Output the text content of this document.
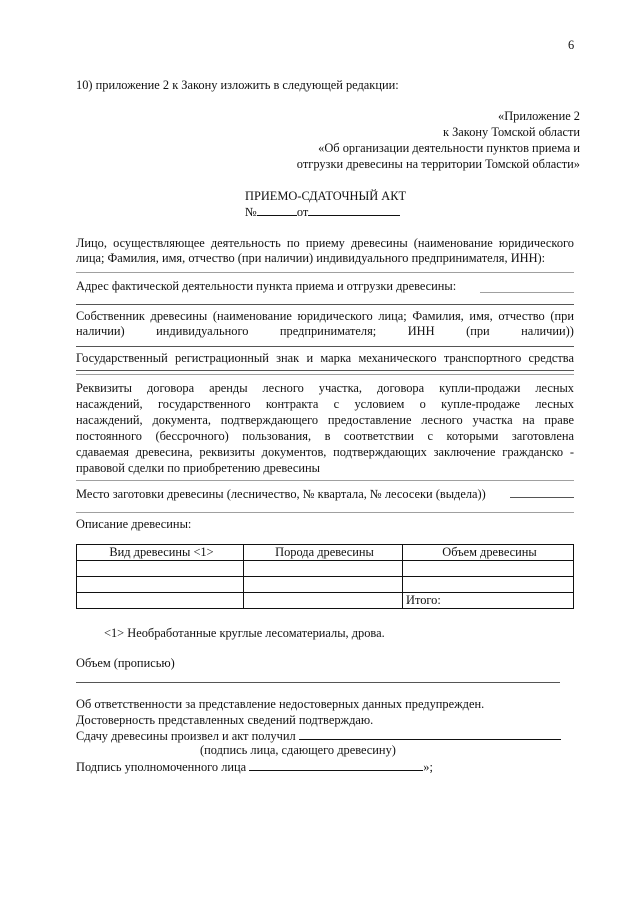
6
10) приложение 2 к Закону изложить в следующей редакции:
«Приложение 2
к Закону Томской области
«Об организации деятельности пунктов приема и
отгрузки древесины на территории Томской области»
ПРИЕМО-СДАТОЧНЫЙ АКТ
№	от
Лицо, осуществляющее деятельность по приему древесины (наименование юридического
лица; Фамилия, имя, отчество (при наличии) индивидуального предпринимателя, ИНН):
Адрес фактической деятельности пункта приема и отгрузки древесины:
Собственник древесины (наименование юридического лица; Фамилия, имя, отчество (при
наличии)	индивидуального	предпринимателя;	ИНН	(при	наличии))
Государственный регистрационный знак и марка механического транспортного средства
Реквизиты договора аренды лесного участка, договора купли-продажи лесных
насаждений, государственного контракта с условием о купле-продаже лесных
насаждений, документа, подтверждающего предоставление лесного участка на праве
постоянного (бессрочного) пользования, в соответствии с которыми заготовлена
сдаваемая древесина, реквизиты документов, подтверждающих заключение гражданско -
правовой сделки по приобретению древесины
Место заготовки древесины (лесничество, № квартала, № лесосеки (выдела))
Описание древесины:
Вид древесины <1>	Порода древесины	Объем древесины

		Итого:
<1> Необработанные круглые лесоматериалы, дрова.
Объем (прописью)
Об ответственности за представление недостоверных данных предупрежден.
Достоверность представленных сведений подтверждаю.
Сдачу древесины произвел и акт получил
(подпись лица, сдающего древесину)
Подпись уполномоченного лица	»;
